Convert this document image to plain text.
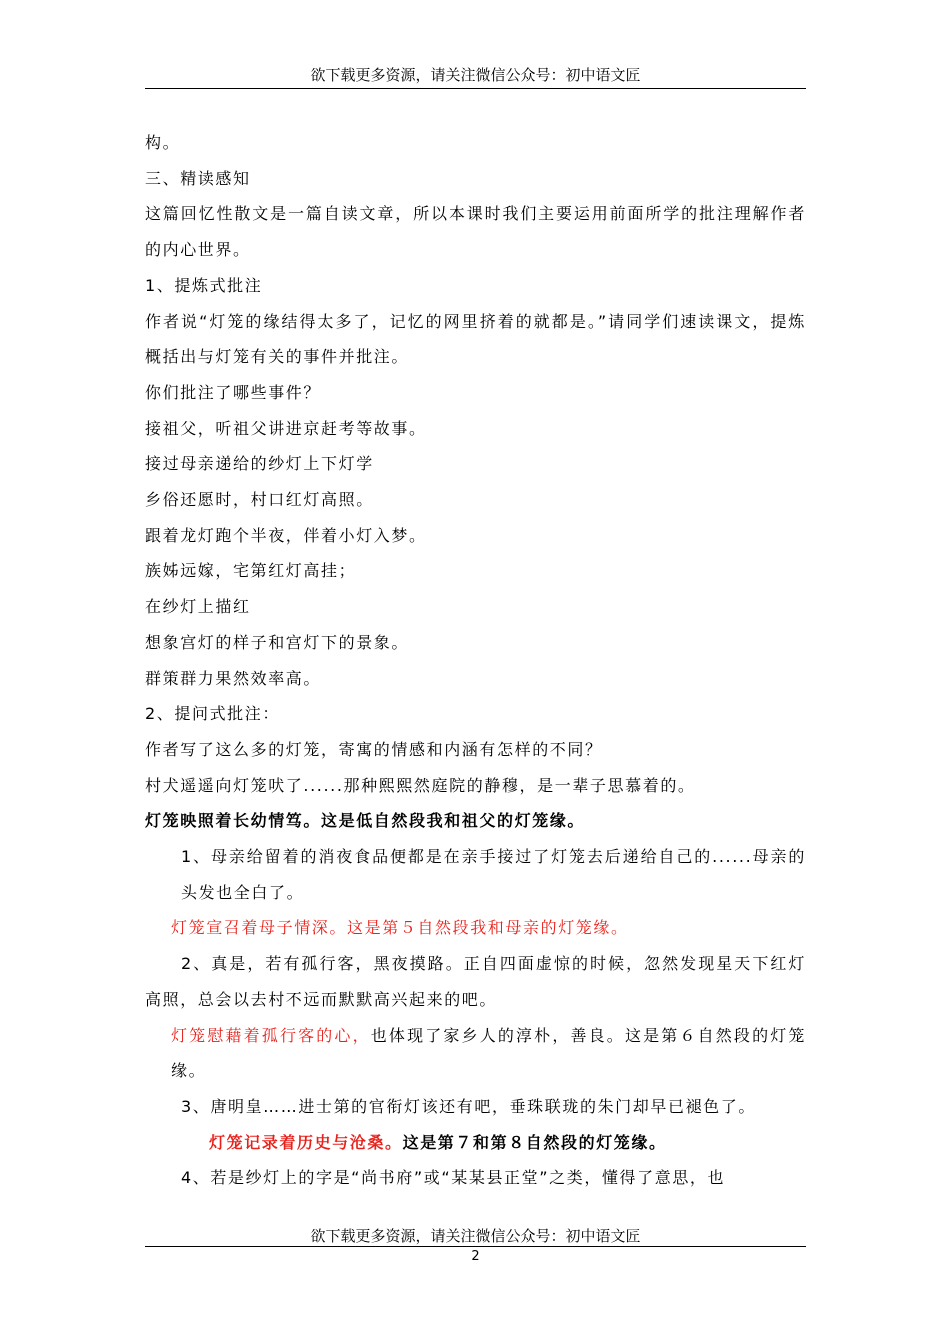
欲下载更多资源，请关注微信公众号：初中语文匠
构。
三、精读感知
这篇回忆性散文是一篇自读文章，所以本课时我们主要运用前面所学的批注理解作者的内心世界。
1、提炼式批注
作者说“灯笼的缘结得太多了，记忆的网里挤着的就都是。”请同学们速读课文，提炼概括出与灯笼有关的事件并批注。
你们批注了哪些事件？
接祖父，听祖父讲进京赶考等故事。
接过母亲递给的纱灯上下灯学
乡俗还愿时，村口红灯高照。
跟着龙灯跑个半夜，伴着小灯入梦。
族姊远嫁，宅第红灯高挂；
在纱灯上描红
想象宫灯的样子和宫灯下的景象。
群策群力果然效率高。
2、提问式批注：
作者写了这么多的灯笼，寄寓的情感和内涵有怎样的不同？
村犬遥遥向灯笼吠了......那种熙熙然庭院的静穆，是一辈子思慕着的。
灯笼映照着长幼情笃。这是低自然段我和祖父的灯笼缘。
1、母亲给留着的消夜食品便都是在亲手接过了灯笼去后递给自己的......母亲的头发也全白了。
灯笼宣召着母子情深。这是第５自然段我和母亲的灯笼缘。
2、真是，若有孤行客，黑夜摸路。正自四面虚惊的时候，忽然发现星天下红灯高照，总会以去村不远而默默高兴起来的吧。
灯笼慰藉着孤行客的心，也体现了家乡人的淳朴，善良。这是第６自然段的灯笼缘。
3、唐明皇……进士第的官衔灯该还有吧，垂珠联珑的朱门却早已褪色了。
灯笼记录着历史与沧桑。这是第７和第８自然段的灯笼缘。
4、若是纱灯上的字是“尚书府”或“某某县正堂”之类，懂得了意思，也
欲下载更多资源，请关注微信公众号：初中语文匠
2
